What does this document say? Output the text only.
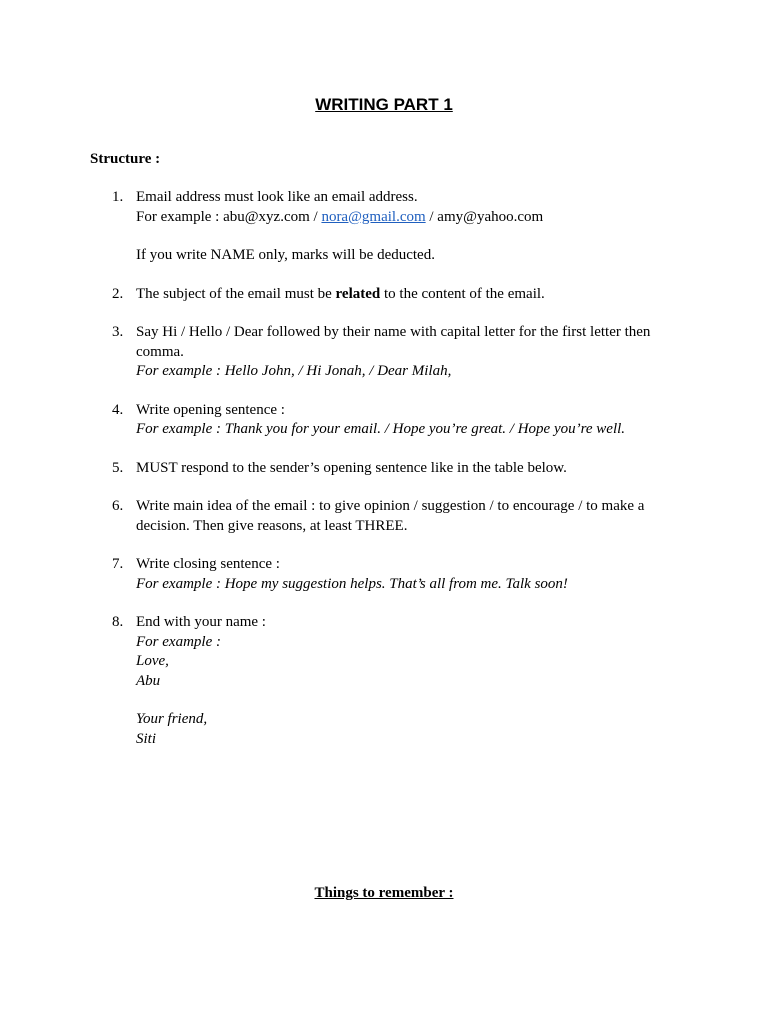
WRITING PART 1
Structure :
1. Email address must look like an email address.

For example : abu@xyz.com / nora@gmail.com / amy@yahoo.com

If you write NAME only, marks will be deducted.

2. The subject of the email must be related to the content of the email.

3. Say Hi / Hello / Dear followed by their name with capital letter for the first letter then comma.

For example : Hello John, / Hi Jonah, / Dear Milah,

4. Write opening sentence :

For example : Thank you for your email. / Hope you’re great. / Hope you’re well.

5. MUST respond to the sender’s opening sentence like in the table below.

6. Write main idea of the email : to give opinion / suggestion / to encourage / to make a decision. Then give reasons, at least THREE.

7. Write closing sentence :

For example : Hope my suggestion helps. That’s all from me. Talk soon!

8. End with your name :

For example :

Love,

Abu

Your friend,

Siti

Things to remember :
